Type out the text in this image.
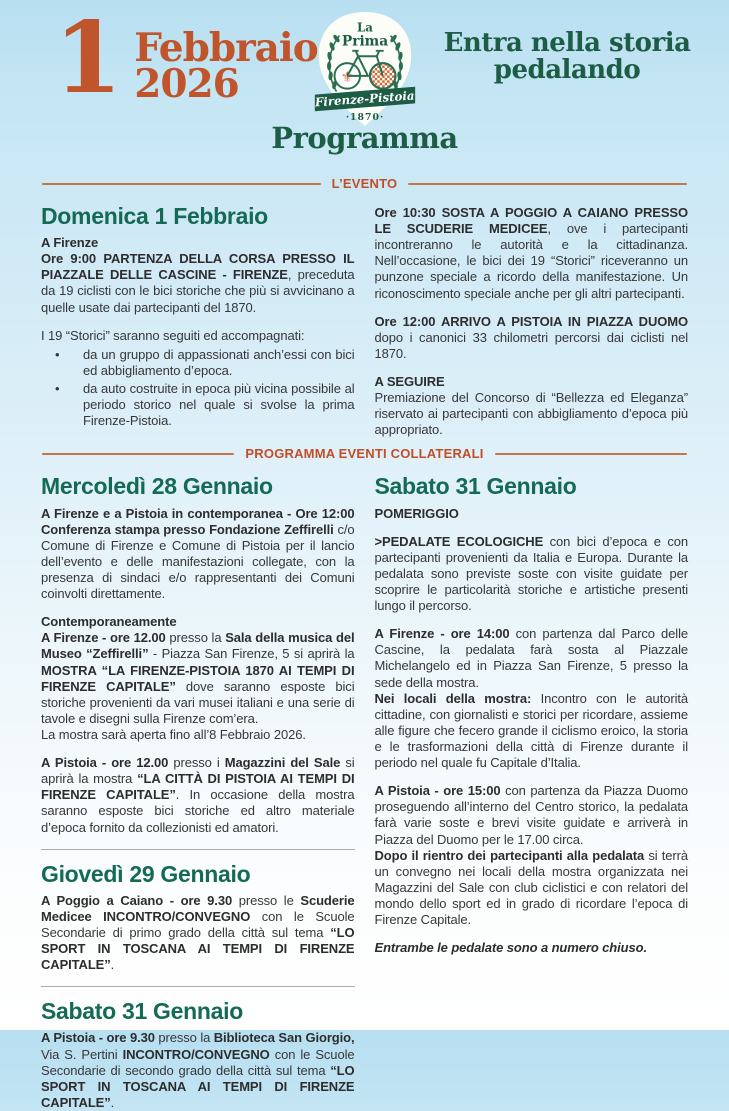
1 Febbraio
2026
La
Prima
⚜
Firenze-Pistoia
·1870·
Entra nella storia
pedalando
Programma
L’EVENTO
Domenica 1 Febbraio

A Firenze
Ore 9:00 PARTENZA DELLA CORSA PRESSO IL PIAZZALE DELLE CASCINE - FIRENZE, preceduta da 19 ciclisti con le bici storiche che più si avvicinano a quelle usate dai partecipanti del 1870.

I 19 “Storici” saranno seguiti ed accompagnati:

• da un gruppo di appassionati anch’essi con bici ed abbigliamento d’epoca.
• da auto costruite in epoca più vicina possibile al periodo storico nel quale si svolse la prima Firenze-Pistoia.

Ore 10:30 SOSTA A POGGIO A CAIANO PRESSO LE SCUDERIE MEDICEE, ove i partecipanti incontreranno le autorità e la cittadinanza. Nell’occasione, le bici dei 19 “Storici” riceveranno un punzone speciale a ricordo della manifestazione. Un riconoscimento speciale anche per gli altri partecipanti.

Ore 12:00 ARRIVO A PISTOIA IN PIAZZA DUOMO dopo i canonici 33 chilometri percorsi dai ciclisti nel 1870.

A SEGUIRE
Premiazione del Concorso di “Bellezza ed Eleganza” riservato ai partecipanti con abbigliamento d’epoca più appropriato.

PROGRAMMA EVENTI COLLATERALI
Mercoledì 28 Gennaio

A Firenze e a Pistoia in contemporanea - Ore 12:00 Conferenza stampa presso Fondazione Zeffirelli c/o Comune di Firenze e Comune di Pistoia per il lancio dell’evento e delle manifestazioni collegate, con la presenza di sindaci e/o rappresentanti dei Comuni coinvolti direttamente.

Contemporaneamente
A Firenze - ore 12.00 presso la Sala della musica del Museo “Zeffirelli” - Piazza San Firenze, 5 si aprirà la MOSTRA “LA FIRENZE-PISTOIA 1870 AI TEMPI DI FIRENZE CAPITALE” dove saranno esposte bici storiche provenienti da vari musei italiani e una serie di tavole e disegni sulla Firenze com’era.
La mostra sarà aperta fino all’8 Febbraio 2026.

A Pistoia - ore 12.00 presso i Magazzini del Sale si aprirà la mostra “LA CITTÀ DI PISTOIA AI TEMPI DI FIRENZE CAPITALE”. In occasione della mostra saranno esposte bici storiche ed altro materiale d’epoca fornito da collezionisti ed amatori.

Giovedì 29 Gennaio

A Poggio a Caiano - ore 9.30 presso le Scuderie Medicee INCONTRO/CONVEGNO con le Scuole Secondarie di primo grado della città sul tema “LO SPORT IN TOSCANA AI TEMPI DI FIRENZE CAPITALE”.

Sabato 31 Gennaio

A Pistoia - ore 9.30 presso la Biblioteca San Giorgio, Via S. Pertini INCONTRO/CONVEGNO con le Scuole Secondarie di secondo grado della città sul tema “LO SPORT IN TOSCANA AI TEMPI DI FIRENZE CAPITALE”.

Sabato 31 Gennaio

POMERIGGIO

>PEDALATE ECOLOGICHE con bici d’epoca e con partecipanti provenienti da Italia e Europa. Durante la pedalata sono previste soste con visite guidate per scoprire le particolarità storiche e artistiche presenti lungo il percorso.

A Firenze - ore 14:00 con partenza dal Parco delle Cascine, la pedalata farà sosta al Piazzale Michelangelo ed in Piazza San Firenze, 5 presso la sede della mostra.
Nei locali della mostra: Incontro con le autorità cittadine, con giornalisti e storici per ricordare, assieme alle figure che fecero grande il ciclismo eroico, la storia e le trasformazioni della città di Firenze durante il periodo nel quale fu Capitale d’Italia.

A Pistoia - ore 15:00 con partenza da Piazza Duomo proseguendo all’interno del Centro storico, la pedalata farà varie soste e brevi visite guidate e arriverà in Piazza del Duomo per le 17.00 circa.
Dopo il rientro dei partecipanti alla pedalata si terrà un convegno nei locali della mostra organizzata nei Magazzini del Sale con club ciclistici e con relatori del mondo dello sport ed in grado di ricordare l’epoca di Firenze Capitale.

Entrambe le pedalate sono a numero chiuso.
